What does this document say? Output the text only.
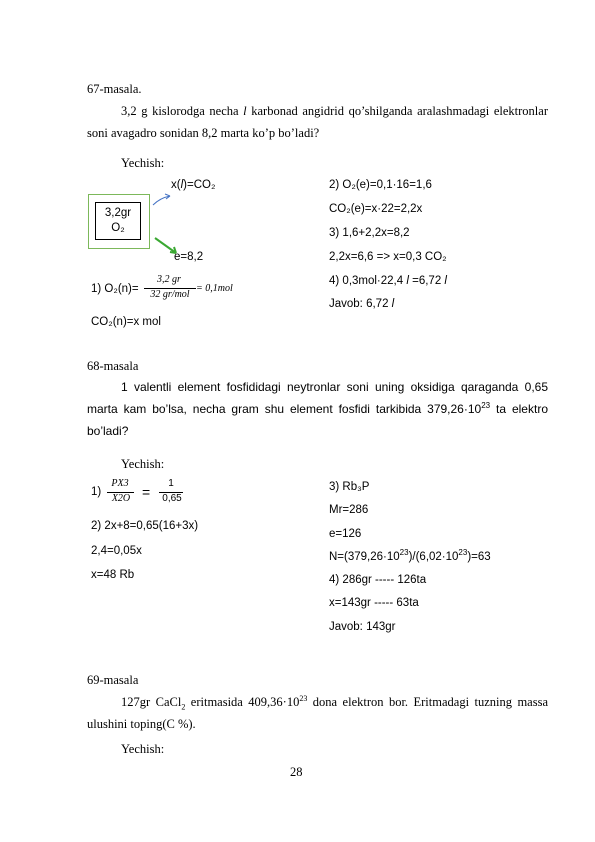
67-masala.
3,2 g kislorodga necha l karbonad angidrid qo’shilganda aralashmadagi elektronlar soni avagadro sonidan 8,2 marta ko’p bo’ladi?
Yechish:
3,2gr
O₂
x(l)=CO₂
e=8,2
1) O₂(n)=
3,2 gr
32 gr/mol
= 0,1mol
CO₂(n)=x mol
2) O₂(e)=0,1·16=1,6
CO₂(e)=x·22=2,2x
3) 1,6+2,2x=8,2
2,2x=6,6 => x=0,3 CO₂
4) 0,3mol·22,4 l =6,72 l
Javob: 6,72 l
68-masala
1 valentli element fosfididagi neytronlar soni uning oksidiga qaraganda 0,65 marta kam bo’lsa, necha gram shu element fosfidi tarkibida $379,26\cdot 10^{23}$ ta elektro bo’ladi?
Yechish:
1)
PX3
X2O =
1
0,65
2) 2x+8=0,65(16+3x)
2,4=0,05x
x=48 Rb
3) Rb₃P
Mr=286
e=126
$N=(379,26\cdot 10^{23})/(6,02\cdot 10^{23})=63$
4) 286gr ----- 126ta
x=143gr ----- 63ta
Javob: 143gr
69-masala
127gr CaCl$_2$ eritmasida $409,36\cdot 10^{23}$ dona elektron bor. Eritmadagi tuzning massa ulushini toping(C %).
Yechish:
28
